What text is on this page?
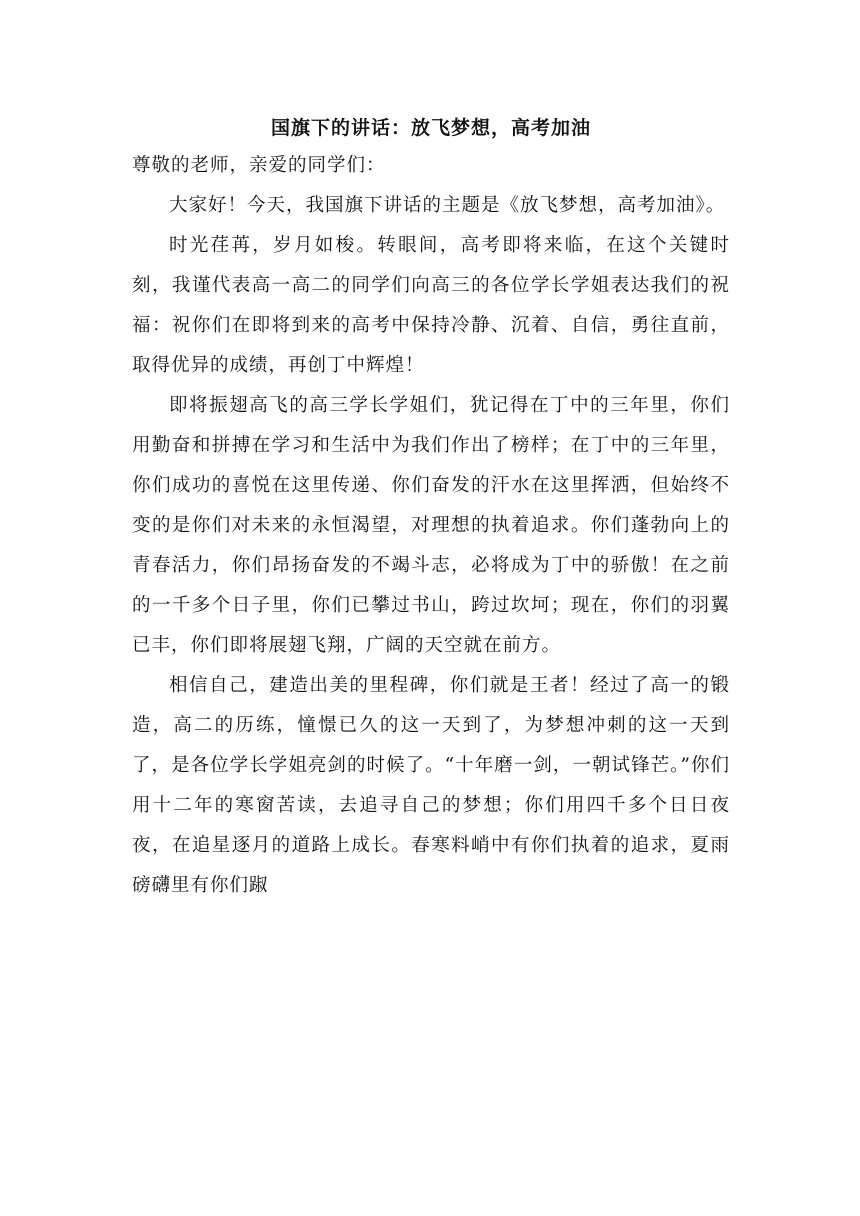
国旗下的讲话：放飞梦想，高考加油

尊敬的老师，亲爱的同学们：

大家好！今天，我国旗下讲话的主题是《放飞梦想，高考加油》。

时光荏苒，岁月如梭。转眼间，高考即将来临，在这个关键时刻，我谨代表高一高二的同学们向高三的各位学长学姐表达我们的祝福：祝你们在即将到来的高考中保持冷静、沉着、自信，勇往直前，取得优异的成绩，再创丁中辉煌！

即将振翅高飞的高三学长学姐们，犹记得在丁中的三年里，你们用勤奋和拼搏在学习和生活中为我们作出了榜样；在丁中的三年里，你们成功的喜悦在这里传递、你们奋发的汗水在这里挥洒，但始终不变的是你们对未来的永恒渴望，对理想的执着追求。你们蓬勃向上的青春活力，你们昂扬奋发的不竭斗志，必将成为丁中的骄傲！在之前的一千多个日子里，你们已攀过书山，跨过坎坷；现在，你们的羽翼已丰，你们即将展翅飞翔，广阔的天空就在前方。

相信自己，建造出美的里程碑，你们就是王者！经过了高一的锻造，高二的历练，憧憬已久的这一天到了，为梦想冲刺的这一天到了，是各位学长学姐亮剑的时候了。“十年磨一剑，一朝试锋芒。”你们用十二年的寒窗苦读，去追寻自己的梦想；你们用四千多个日日夜夜，在追星逐月的道路上成长。春寒料峭中有你们执着的追求，夏雨磅礴里有你们踧
